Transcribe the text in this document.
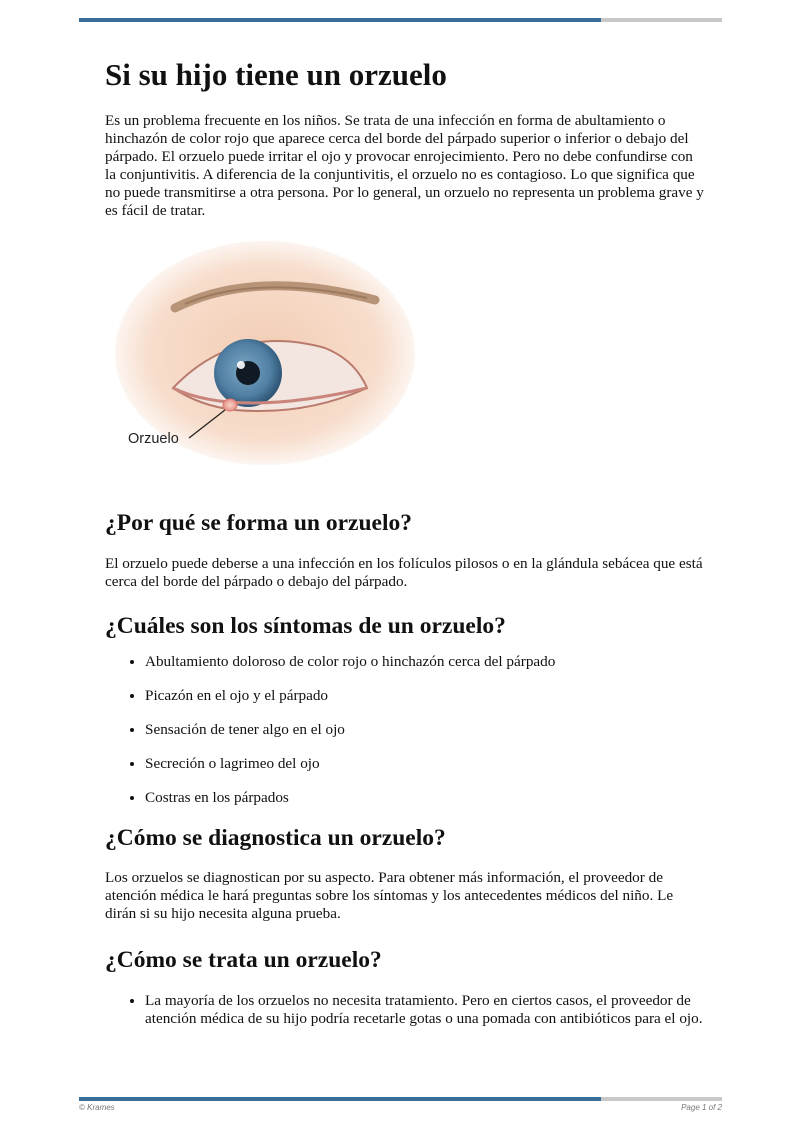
Si su hijo tiene un orzuelo

Es un problema frecuente en los niños. Se trata de una infección en forma de abultamiento o hinchazón de color rojo que aparece cerca del borde del párpado superior o inferior o debajo del párpado. El orzuelo puede irritar el ojo y provocar enrojecimiento. Pero no debe confundirse con la conjuntivitis. A diferencia de la conjuntivitis, el orzuelo no es contagioso. Lo que significa que no puede transmitirse a otra persona. Por lo general, un orzuelo no representa un problema grave y es fácil de tratar.

Orzuelo
¿Por qué se forma un orzuelo?

El orzuelo puede deberse a una infección en los folículos pilosos o en la glándula sebácea que está cerca del borde del párpado o debajo del párpado.

¿Cuáles son los síntomas de un orzuelo?
• Abultamiento doloroso de color rojo o hinchazón cerca del párpado
• Picazón en el ojo y el párpado
• Sensación de tener algo en el ojo
• Secreción o lagrimeo del ojo
• Costras en los párpados
¿Cómo se diagnostica un orzuelo?

Los orzuelos se diagnostican por su aspecto. Para obtener más información, el proveedor de atención médica le hará preguntas sobre los síntomas y los antecedentes médicos del niño. Le dirán si su hijo necesita alguna prueba.

¿Cómo se trata un orzuelo?
• La mayoría de los orzuelos no necesita tratamiento. Pero en ciertos casos, el proveedor de atención médica de su hijo podría recetarle gotas o una pomada con antibióticos para el ojo.
© Krames	Page 1 of 2
